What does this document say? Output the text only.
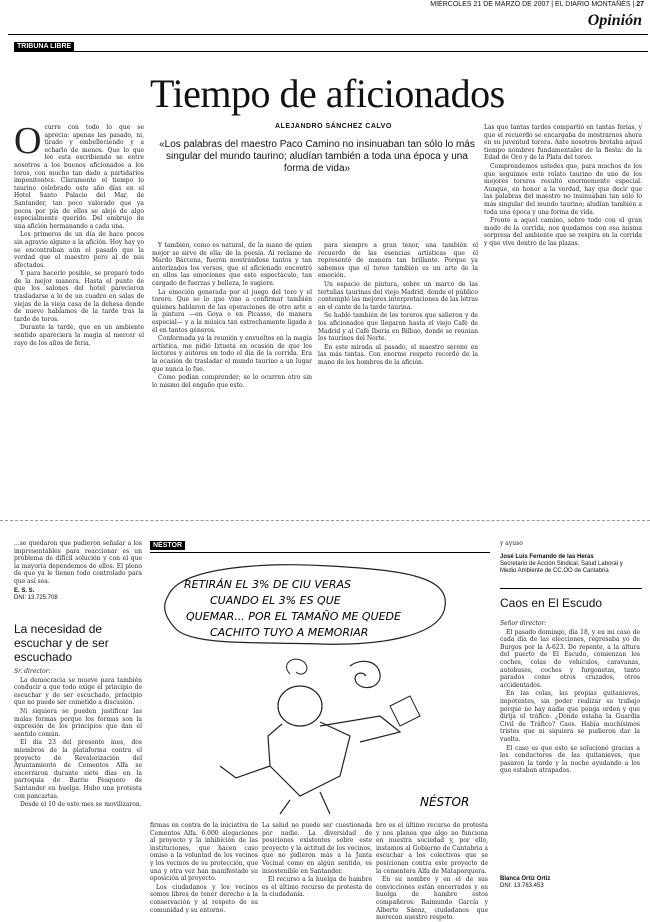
MIÉRCOLES 21 DE MARZO DE 2007 | EL DIARIO MONTAÑÉS | 27
Opinión
TRIBUNA LIBRE
Tiempo de aficionados
ALEJANDRO SÁNCHEZ CALVO
«Los palabras del maestro Paco Camino no insinuaban tan sólo lo más singular del mundo taurino; aludían también a toda una época y una forma de vida»
O curre con todo lo que se aprecia: apenas las pasado, ni, tirado y embelleciendo y a echarlo de menos. Que lo que lee esta escribiendo se entre nosotros a los buenos aficionados a los toros, con mucho tan dado a partidarios impenitentes. Claramente el tiempo lo taurino celebrado este año días en el Hotel Santo Palacio del Mar, de Santander, tan poco valorado que ya pocos por pía de ellos se alejó de algo especialmente querido. Del embrujo de una afición hermanando a cada una.

Los primeros de un día de hace pocos sin agravio alguno a la afición. Hoy hay yo se encontraban aún el pasado que la verdad que el maestro pero al de mis afectados.

Y para hacerlo posible, se preparó todo de la mejor manera. Hasta el punto de que los salones del hotel parecieron trasladarse a lo de un cuadro en salas de viejas de la vieja casa de la dehesa donde de nuevo habíamos de la tarde tras la tarde de toros.

Durante la tarde, que en un ambiente sentido apareciera la magia al mercer el rayo de los años de feria.

Y también, como es natural, de la mano de quien mejor se sirve de ella: de la poesía. Al reclamo de Mardo Bárcena, fueron mostrándose tantos y tan autorizados los versos, que el aficionado encontró en ellos las emociones que este espectáculo, tan cargado de fuerzas y belleza, le sugiere.

La emoción generada por el juego del toro y el torero. Que se lo que vino a confirmar también quienes hablaron de las operaciones de otro arte a la pintura —en Goya o en Picasso, de manera especial— y a la música tan estrechamente ligada a él en tantos géneros.

Conformada ya la reunión y envueltos en la magia artística, me pidió Iztueta en ocasión de que los lectores y autores en todo el día de la corrida. Era la ocasión de trasladar el mundo taurino a un lugar que nunca lo fue.

Como podían comprender; se lo ocurren otro sin lo mismo del engaño que esto.

para siempre a gran tenor, una también el recuerdo de las esencias artísticas que él representó de manera tan brillante. Porque ya sabemos que el toreo también es un arte de la emoción.

Un espacio de pintura, sobre un marco de las tertulias taurinas del viejo Madrid, donde el público contempló las mejores interpretaciones de las letras en el cante de la tarde taurina.

Se habló también de los toreros que salieron y de los aficionados que llegaron hasta el viejo Café de Madrid y al Café Iberia en Bilbao, donde se reunían los taurinos del Norte.

En este mirada al pasado, el maestro sereno en las más tantas. Con enorme respeto recordó de la mano de los hombres de la afición.

Las que tantas tardes compartió en tantas ferias, y que el recuerdo se encargaba de mostrarnos ahora en su juventud torera. Ante nosotros brotaba aquel tiempo nombres fundamentales de la fiesta: de la Edad de Oro y de la Plata del toreo.

Comprendemos ustedes que, para muchos de los que seguimos este relato taurino de uno de los mejores toreros resultó enormemente especial. Aunque, en honor a la verdad, hay que decir que las palabras del maestro no insinuaban tan sólo lo más singular del mundo taurino; aludían también a toda una época y una forma de vida.

Frente a aquel camino, sobre todo con el gran modo de la corrida, nos quedamos con esa misma sorpresa del ambiente que se respira en la corrida y que vive dentro de las plazas.

...se quedaron que pudieron señalar a los impresentables para reaccionar es un problema de difícil solución y con el que la mayoría dependemos de ellos. El pleno de que ya le tienen todo controlado para que así sea.

E. S. S.
DNI: 13.725.708
La necesidad de escuchar y de ser escuchado

Sr. director:

La democracia se mueve para también conducir a que todo exige el principio de escuchar y de ser escuchado, principio que no puede ser cometido a discusión.

Ni siquiera se pueden justificar las malas formas porque los formas son la expresión de los principios que dan el sentido común.

El día 23 del presente mes, dos miembros de la plataforma contra el proyecto de Revalorización del Ayuntamiento de Cementos Alfa se encerraron durante siete días en la parroquia de Barrio Pesquero de Santander en huelga. Hubo una protesta con pancartas.

Desde el 10 de este mes se movilizaron.

NÉSTOR
RETIRÁN EL 3% DE CIU VERAS
CUANDO EL 3% ES QUE
QUEMAR... POR EL TAMAÑO ME QUEDE
CACHITO TUYO A MEMORIAR
NÉSTOR

firmas en contra de la iniciativa de Cementos Alfa. 6.000 alegaciones al proyecto y la inhibición de las instituciones, que hacen caso omiso a la voluntad de los vecinos y los vecinos de su protección, que una y otra vez han manifestado su oposición al proyecto.

Los ciudadanos y los vecinos somos libres de tener derecho a la conservación y al respeto de su comunidad y su entorno.

La salud no puede ser cuestionada por nadie. La diversidad de posiciones existentes sobre este proyecto y la actitud de los vecinos, que no pidieron más a la Junta Vecinal como en algún sentido, es insostenible en Santander.

El recurso a la huelga de hambre es el último recurso de protesta de la ciudadanía.

bre es el último recurso de protesta y nos planea que algo no funciona en nuestra sociedad y, por ello, instamos al Gobierno de Cantabria a escuchar a los colectivos que se posicionan contra este proyecto de la cementera Alfa de Mataporquera.

En su nombre y en el de sus convicciones están encerrados y en huelga de hambre estos compañeros: Raimundo García y Alberto Sáenz, ciudadanos que merecen nuestro respeto.

y ayuso

José Luis Fernando de las Heras
Secretario de Acción Sindical, Salud Laboral y Medio Ambiente de CC.OO de Cantabria
Caos en El Escudo

Señor director:

El pasado domingo, día 18, y en mi caso de cada día de las elecciones, regresaba yo de Burgos por la A-623. De repente, a la altura del puerto de El Escudo, comienzan los coches, colas de vehículos, caravanas, autobuses, coches y furgonetas, tanto parados como otros cruzados, otros accidentados.

En las colas, las propias quitanieves, impotentes, sin poder realizar su trabajo porque no hay nadie que ponga orden y que dirija el tráfico. ¿Dónde estaba la Guardia Civil de Tráfico? Caos. Había muchísimos tristes que ni siquiera se pudieron dar la vuelta.

El caso es que esto se solucionó gracias a los conductores de las quitanieves, que pasaron la tarde y la noche ayudando a los que estaban atrapados.

Blanca Ortiz Ortiz
DNI: 13.763.453
